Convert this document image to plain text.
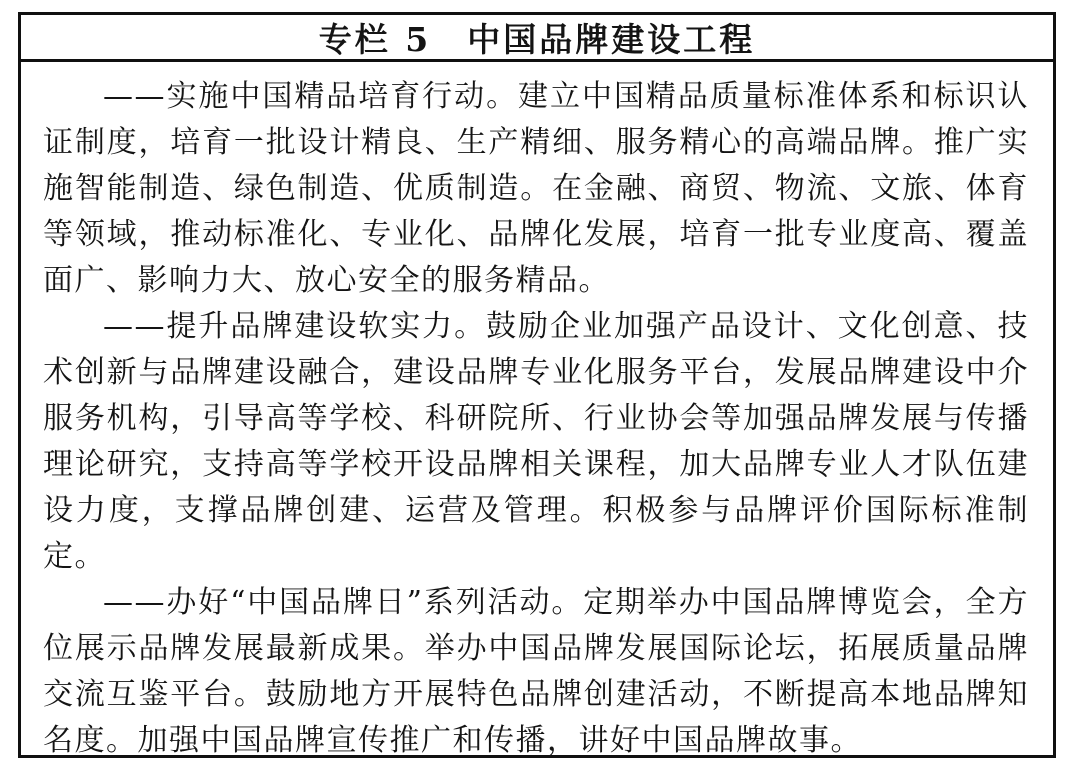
专栏 5　中国品牌建设工程

——实施中国精品培育行动。建立中国精品质量标准体系和标识认证制度，培育一批设计精良、生产精细、服务精心的高端品牌。推广实施智能制造、绿色制造、优质制造。在金融、商贸、物流、文旅、体育等领域，推动标准化、专业化、品牌化发展，培育一批专业度高、覆盖面广、影响力大、放心安全的服务精品。

——提升品牌建设软实力。鼓励企业加强产品设计、文化创意、技术创新与品牌建设融合，建设品牌专业化服务平台，发展品牌建设中介服务机构，引导高等学校、科研院所、行业协会等加强品牌发展与传播理论研究，支持高等学校开设品牌相关课程，加大品牌专业人才队伍建设力度，支撑品牌创建、运营及管理。积极参与品牌评价国际标准制定。

——办好“中国品牌日”系列活动。定期举办中国品牌博览会，全方位展示品牌发展最新成果。举办中国品牌发展国际论坛，拓展质量品牌交流互鉴平台。鼓励地方开展特色品牌创建活动，不断提高本地品牌知名度。加强中国品牌宣传推广和传播，讲好中国品牌故事。
